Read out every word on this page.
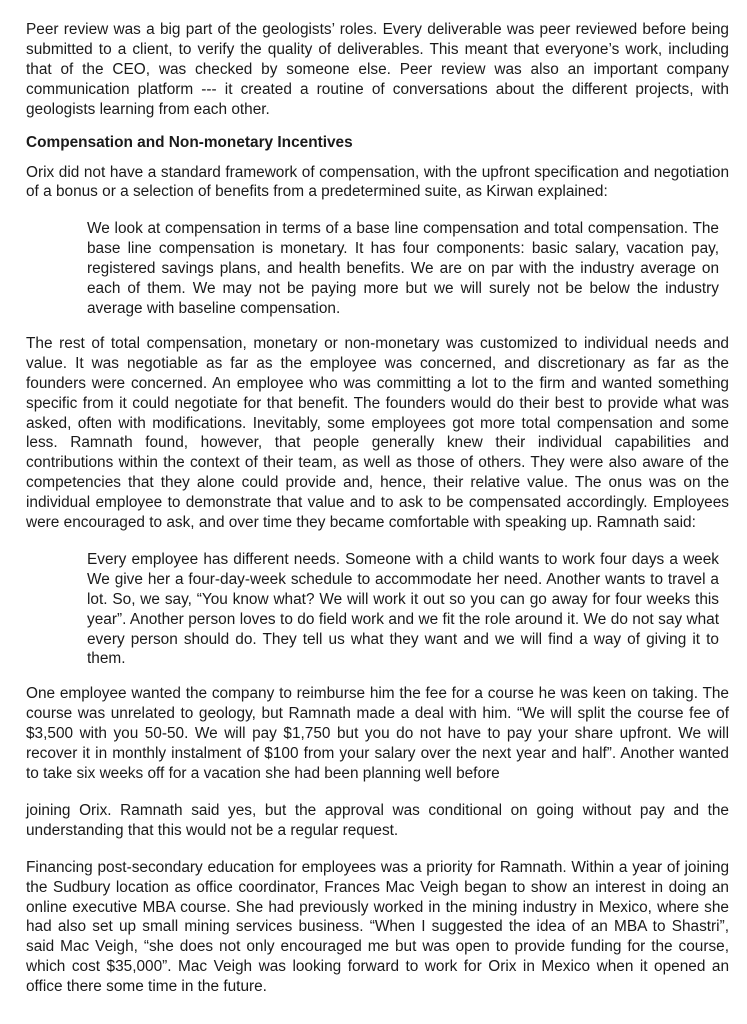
Peer review was a big part of the geologists’ roles. Every deliverable was peer reviewed before being submitted to a client, to verify the quality of deliverables. This meant that everyone’s work, including that of the CEO, was checked by someone else. Peer review was also an important company communication platform --- it created a routine of conversations about the different projects, with geologists learning from each other.

Compensation and Non-monetary Incentives

Orix did not have a standard framework of compensation, with the upfront specification and negotiation of a bonus or a selection of benefits from a predetermined suite, as Kirwan explained:

We look at compensation in terms of a base line compensation and total compensation. The base line compensation is monetary. It has four components: basic salary, vacation pay, registered savings plans, and health benefits. We are on par with the industry average on each of them. We may not be paying more but we will surely not be below the industry average with baseline compensation.

The rest of total compensation, monetary or non-monetary was customized to individual needs and value. It was negotiable as far as the employee was concerned, and discretionary as far as the founders were concerned. An employee who was committing a lot to the firm and wanted something specific from it could negotiate for that benefit. The founders would do their best to provide what was asked, often with modifications. Inevitably, some employees got more total compensation and some less. Ramnath found, however, that people generally knew their individual capabilities and contributions within the context of their team, as well as those of others. They were also aware of the competencies that they alone could provide and, hence, their relative value. The onus was on the individual employee to demonstrate that value and to ask to be compensated accordingly. Employees were encouraged to ask, and over time they became comfortable with speaking up. Ramnath said:

Every employee has different needs. Someone with a child wants to work four days a week We give her a four-day-week schedule to accommodate her need. Another wants to travel a lot. So, we say, “You know what? We will work it out so you can go away for four weeks this year”. Another person loves to do field work and we fit the role around it. We do not say what every person should do. They tell us what they want and we will find a way of giving it to them.

One employee wanted the company to reimburse him the fee for a course he was keen on taking. The course was unrelated to geology, but Ramnath made a deal with him. “We will split the course fee of $3,500 with you 50-50. We will pay $1,750 but you do not have to pay your share upfront. We will recover it in monthly instalment of $100 from your salary over the next year and half”. Another wanted to take six weeks off for a vacation she had been planning well before

joining Orix. Ramnath said yes, but the approval was conditional on going without pay and the understanding that this would not be a regular request.

Financing post-secondary education for employees was a priority for Ramnath. Within a year of joining the Sudbury location as office coordinator, Frances Mac Veigh began to show an interest in doing an online executive MBA course. She had previously worked in the mining industry in Mexico, where she had also set up small mining services business. “When I suggested the idea of an MBA to Shastri”, said Mac Veigh, “she does not only encouraged me but was open to provide funding for the course, which cost $35,000”. Mac Veigh was looking forward to work for Orix in Mexico when it opened an office there some time in the future.
